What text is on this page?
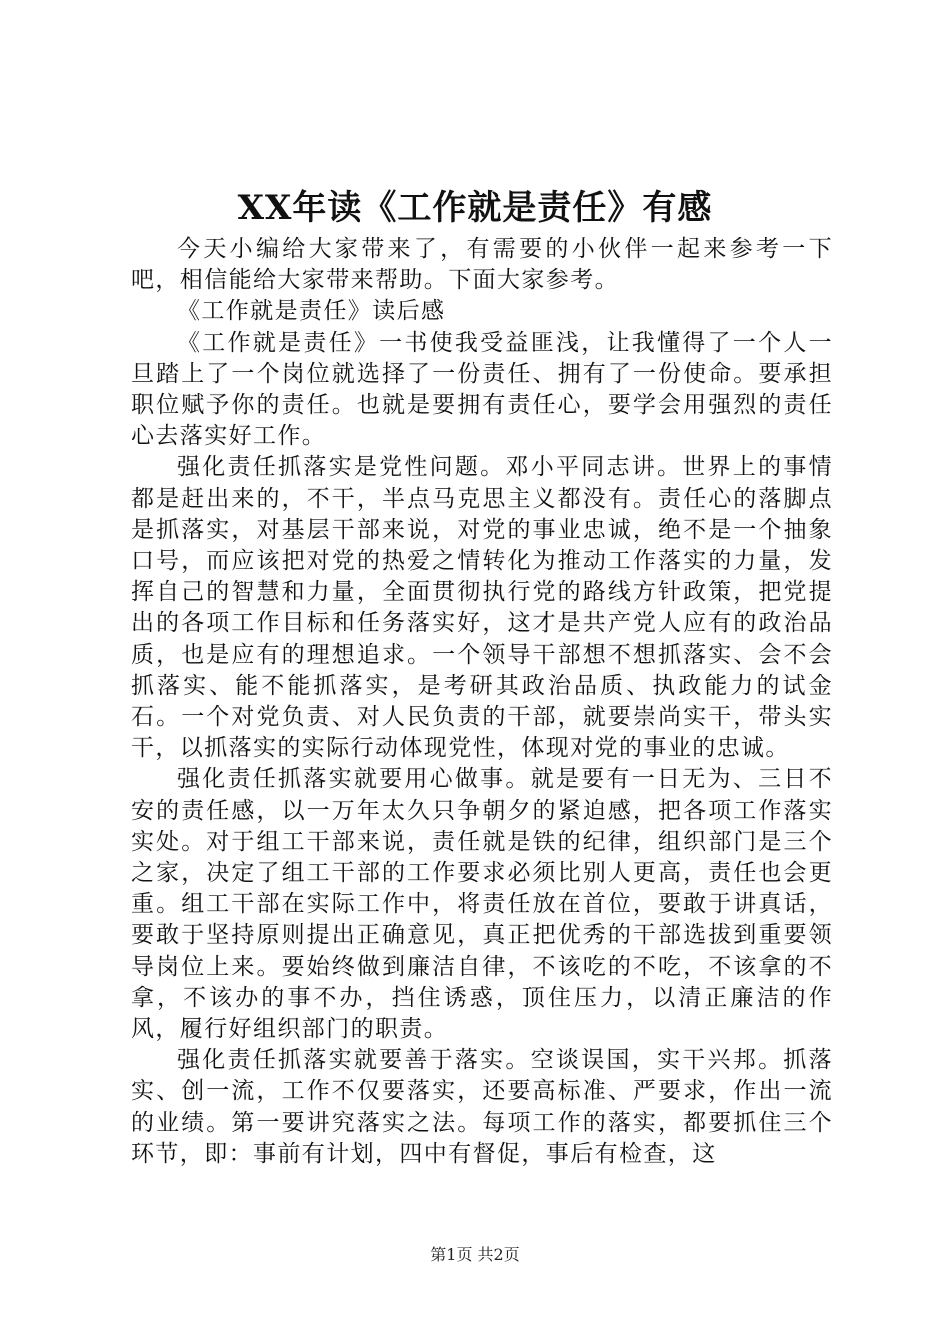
XX年读《工作就是责任》有感

今天小编给大家带来了，有需要的小伙伴一起来参考一下吧，相信能给大家带来帮助。下面大家参考。

《工作就是责任》读后感

《工作就是责任》一书使我受益匪浅，让我懂得了一个人一旦踏上了一个岗位就选择了一份责任、拥有了一份使命。要承担职位赋予你的责任。也就是要拥有责任心，要学会用强烈的责任心去落实好工作。

强化责任抓落实是党性问题。邓小平同志讲。世界上的事情都是赶出来的，不干，半点马克思主义都没有。责任心的落脚点是抓落实，对基层干部来说，对党的事业忠诚，绝不是一个抽象口号，而应该把对党的热爱之情转化为推动工作落实的力量，发挥自己的智慧和力量，全面贯彻执行党的路线方针政策，把党提出的各项工作目标和任务落实好，这才是共产党人应有的政治品质，也是应有的理想追求。一个领导干部想不想抓落实、会不会抓落实、能不能抓落实，是考研其政治品质、执政能力的试金石。一个对党负责、对人民负责的干部，就要崇尚实干，带头实干，以抓落实的实际行动体现党性，体现对党的事业的忠诚。

强化责任抓落实就要用心做事。就是要有一日无为、三日不安的责任感，以一万年太久只争朝夕的紧迫感，把各项工作落实实处。对于组工干部来说，责任就是铁的纪律，组织部门是三个之家，决定了组工干部的工作要求必须比别人更高，责任也会更重。组工干部在实际工作中，将责任放在首位，要敢于讲真话，要敢于坚持原则提出正确意见，真正把优秀的干部选拔到重要领导岗位上来。要始终做到廉洁自律，不该吃的不吃，不该拿的不拿，不该办的事不办，挡住诱惑，顶住压力，以清正廉洁的作风，履行好组织部门的职责。

强化责任抓落实就要善于落实。空谈误国，实干兴邦。抓落实、创一流，工作不仅要落实，还要高标准、严要求，作出一流的业绩。第一要讲究落实之法。每项工作的落实，都要抓住三个环节，即：事前有计划，四中有督促，事后有检查，这

第1页 共2页
